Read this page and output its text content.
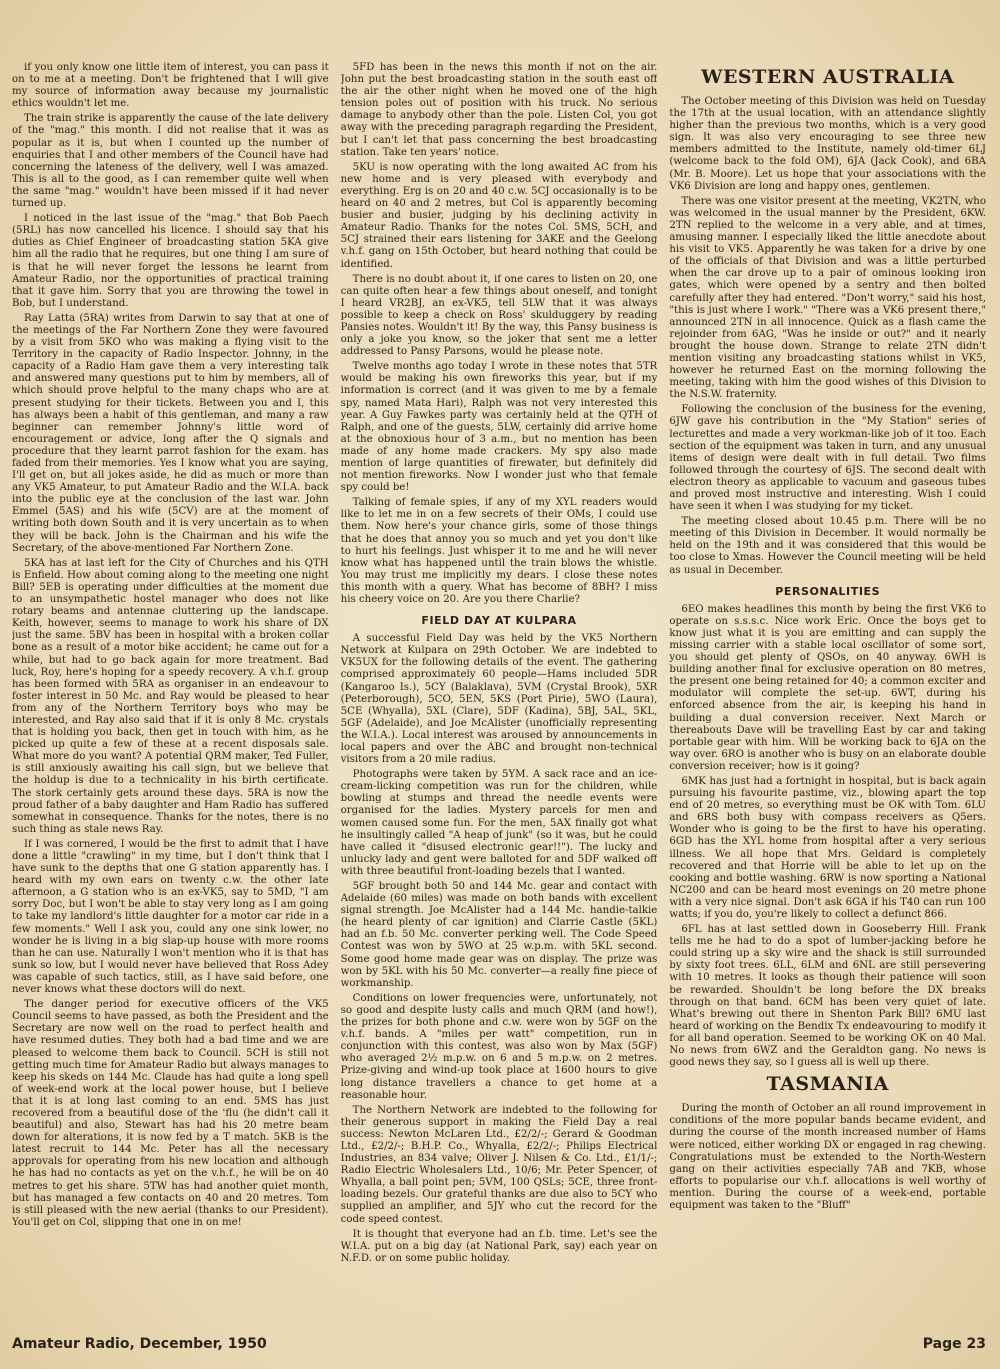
if you only know one little item of interest, you can pass it on to me at a meeting. Don't be frightened that I will give my source of information away because my journalistic ethics wouldn't let me.

The train strike is apparently the cause of the late delivery of the "mag." this month. I did not realise that it was as popular as it is, but when I counted up the number of enquiries that I and other members of the Council have had concerning the lateness of the delivery, well I was amazed. This is all to the good, as I can remember quite well when the same "mag." wouldn't have been missed if it had never turned up.

I noticed in the last issue of the "mag." that Bob Paech (5RL) has now cancelled his licence. I should say that his duties as Chief Engineer of broadcasting station 5KA give him all the radio that he requires, but one thing I am sure of is that he will never forget the lessons he learnt from Amateur Radio, nor the opportunities of practical training that it gave him. Sorry that you are throwing the towel in Bob, but I understand.

Ray Latta (5RA) writes from Darwin to say that at one of the meetings of the Far Northern Zone they were favoured by a visit from 5KO who was making a flying visit to the Territory in the capacity of Radio Inspector. Johnny, in the capacity of a Radio Ham gave them a very interesting talk and answered many questions put to him by members, all of which should prove helpful to the many chaps who are at present studying for their tickets. Between you and I, this has always been a habit of this gentleman, and many a raw beginner can remember Johnny's little word of encouragement or advice, long after the Q signals and procedure that they learnt parrot fashion for the exam. has faded from their memories. Yes I know what you are saying, I'll get on, but all jokes aside, he did as much or more than any VK5 Amateur, to put Amateur Radio and the W.I.A. back into the public eye at the conclusion of the last war. John Emmel (5AS) and his wife (5CV) are at the moment of writing both down South and it is very uncertain as to when they will be back. John is the Chairman and his wife the Secretary, of the above-mentioned Far Northern Zone.

5KA has at last left for the City of Churches and his QTH is Enfield. How about coming along to the meeting one night Bill? 5EB is operating under difficulties at the moment due to an unsympathetic hostel manager who does not like rotary beams and antennae cluttering up the landscape. Keith, however, seems to manage to work his share of DX just the same. 5BV has been in hospital with a broken collar bone as a result of a motor bike accident; he came out for a while, but had to go back again for more treatment. Bad luck, Roy, here's hoping for a speedy recovery. A v.h.f. group has been formed with 5RA as organiser in an endeavour to foster interest in 50 Mc. and Ray would be pleased to hear from any of the Northern Territory boys who may be interested, and Ray also said that if it is only 8 Mc. crystals that is holding you back, then get in touch with him, as he picked up quite a few of these at a recent disposals sale. What more do you want? A potential QRM maker, Ted Fuller, is still anxiously awaiting his call sign, but we believe that the holdup is due to a technicality in his birth certificate. The stork certainly gets around these days. 5RA is now the proud father of a baby daughter and Ham Radio has suffered somewhat in consequence. Thanks for the notes, there is no such thing as stale news Ray.

If I was cornered, I would be the first to admit that I have done a little "crawling" in my time, but I don't think that I have sunk to the depths that one G station apparently has. I heard with my own ears on twenty c.w. the other late afternoon, a G station who is an ex-VK5, say to 5MD, "I am sorry Doc, but I won't be able to stay very long as I am going to take my landlord's little daughter for a motor car ride in a few moments." Well I ask you, could any one sink lower, no wonder he is living in a big slap-up house with more rooms than he can use. Naturally I won't mention who it is that has sunk so low, but I would never have believed that Ross Adey was capable of such tactics, still, as I have said before, one never knows what these doctors will do next.

The danger period for executive officers of the VK5 Council seems to have passed, as both the President and the Secretary are now well on the road to perfect health and have resumed duties. They both had a bad time and we are pleased to welcome them back to Council. 5CH is still not getting much time for Amateur Radio but always manages to keep his skeds on 144 Mc. Claude has had quite a long spell of week-end work at the local power house, but I believe that it is at long last coming to an end. 5MS has just recovered from a beautiful dose of the 'flu (he didn't call it beautiful) and also, Stewart has had his 20 metre beam down for alterations, it is now fed by a T match. 5KB is the latest recruit to 144 Mc. Peter has all the necessary approvals for operating from his new location and although he has had no contacts as yet on the v.h.f., he will be on 40 metres to get his share. 5TW has had another quiet month, but has managed a few contacts on 40 and 20 metres. Tom is still pleased with the new aerial (thanks to our President). You'll get on Col, slipping that one in on me!

5FD has been in the news this month if not on the air. John put the best broadcasting station in the south east off the air the other night when he moved one of the high tension poles out of position with his truck. No serious damage to anybody other than the pole. Listen Col, you got away with the preceding paragraph regarding the President, but I can't let that pass concerning the best broadcasting station. Take ten years' notice.

5KU is now operating with the long awaited AC from his new home and is very pleased with everybody and everything. Erg is on 20 and 40 c.w. 5CJ occasionally is to be heard on 40 and 2 metres, but Col is apparently becoming busier and busier, judging by his declining activity in Amateur Radio. Thanks for the notes Col. 5MS, 5CH, and 5CJ strained their ears listening for 3AKE and the Geelong v.h.f. gang on 15th October, but heard nothing that could be identified.

There is no doubt about it, if one cares to listen on 20, one can quite often hear a few things about oneself, and tonight I heard VR2BJ, an ex-VK5, tell 5LW that it was always possible to keep a check on Ross' skulduggery by reading Pansies notes. Wouldn't it! By the way, this Pansy business is only a joke you know, so the joker that sent me a letter addressed to Pansy Parsons, would he please note.

Twelve months ago today I wrote in these notes that 5TR would be making his own fireworks this year, but if my information is correct (and it was given to me by a female spy, named Mata Hari), Ralph was not very interested this year. A Guy Fawkes party was certainly held at the QTH of Ralph, and one of the guests, 5LW, certainly did arrive home at the obnoxious hour of 3 a.m., but no mention has been made of any home made crackers. My spy also made mention of large quantities of firewater, but definitely did not mention fireworks. Now I wonder just who that female spy could be!

Talking of female spies, if any of my XYL readers would like to let me in on a few secrets of their OMs, I could use them. Now here's your chance girls, some of those things that he does that annoy you so much and yet you don't like to hurt his feelings. Just whisper it to me and he will never know what has happened until the train blows the whistle. You may trust me implicitly my dears. I close these notes this month with a query. What has become of 8BH? I miss his cheery voice on 20. Are you there Charlie?

FIELD DAY AT KULPARA

A successful Field Day was held by the VK5 Northern Network at Kulpara on 29th October. We are indebted to VK5UX for the following details of the event. The gathering comprised approximately 60 people—Hams included 5DR (Kangaroo Is.), 5CY (Balaklava), 5VM (Crystal Brook), 5XR (Peterborough), 5CO, 5EN, 5KS (Port Pirie), 5WO (Laura), 5CE (Whyalla), 5XL (Clare), 5DF (Kadina), 5BJ, 5AL, 5KL, 5GF (Adelaide), and Joe McAlister (unofficially representing the W.I.A.). Local interest was aroused by announcements in local papers and over the ABC and brought non-technical visitors from a 20 mile radius.

Photographs were taken by 5YM. A sack race and an ice-cream-licking competition was run for the children, while bowling at stumps and thread the needle events were organised for the ladies. Mystery parcels for men and women caused some fun. For the men, 5AX finally got what he insultingly called "A heap of junk" (so it was, but he could have called it "disused electronic gear!!"). The lucky and unlucky lady and gent were balloted for and 5DF walked off with three beautiful front-loading bezels that I wanted.

5GF brought both 50 and 144 Mc. gear and contact with Adelaide (60 miles) was made on both bands with excellent signal strength. Joe McAlister had a 144 Mc. handie-talkie (he heard plenty of car ignition) and Clarrie Castle (5KL) had an f.b. 50 Mc. converter perking well. The Code Speed Contest was won by 5WO at 25 w.p.m. with 5KL second. Some good home made gear was on display. The prize was won by 5KL with his 50 Mc. converter—a really fine piece of workmanship.

Conditions on lower frequencies were, unfortunately, not so good and despite lusty calls and much QRM (and how!), the prizes for both phone and c.w. were won by 5GF on the v.h.f. bands. A "miles per watt" competition, run in conjunction with this contest, was also won by Max (5GF) who averaged 2½ m.p.w. on 6 and 5 m.p.w. on 2 metres. Prize-giving and wind-up took place at 1600 hours to give long distance travellers a chance to get home at a reasonable hour.

The Northern Network are indebted to the following for their generous support in making the Field Day a real success: Newton McLaren Ltd., £2/2/-; Gerard & Goodman Ltd., £2/2/-; B.H.P. Co., Whyalla, £2/2/-; Philips Electrical Industries, an 834 valve; Oliver J. Nilsen & Co. Ltd., £1/1/-; Radio Electric Wholesalers Ltd., 10/6; Mr. Peter Spencer, of Whyalla, a ball point pen; 5VM, 100 QSLs; 5CE, three front-loading bezels. Our grateful thanks are due also to 5CY who supplied an amplifier, and 5JY who cut the record for the code speed contest.

It is thought that everyone had an f.b. time. Let's see the W.I.A. put on a big day (at National Park, say) each year on N.F.D. or on some public holiday.

WESTERN AUSTRALIA

The October meeting of this Division was held on Tuesday the 17th at the usual location, with an attendance slightly higher than the previous two months, which is a very good sign. It was also very encouraging to see three new members admitted to the Institute, namely old-timer 6LJ (welcome back to the fold OM), 6JA (Jack Cook), and 6BA (Mr. B. Moore). Let us hope that your associations with the VK6 Division are long and happy ones, gentlemen.

There was one visitor present at the meeting, VK2TN, who was welcomed in the usual manner by the President, 6KW. 2TN replied to the welcome in a very able, and at times, amusing manner. I especially liked the little anecdote about his visit to VK5. Apparently he was taken for a drive by one of the officials of that Division and was a little perturbed when the car drove up to a pair of ominous looking iron gates, which were opened by a sentry and then bolted carefully after they had entered. "Don't worry," said his host, "this is just where I work." "There was a VK6 present there," announced 2TN in all innocence. Quick as a flash came the rejoinder from 6AG, "Was he inside or out?" and it nearly brought the house down. Strange to relate 2TN didn't mention visiting any broadcasting stations whilst in VK5, however he returned East on the morning following the meeting, taking with him the good wishes of this Division to the N.S.W. fraternity.

Following the conclusion of the business for the evening, 6JW gave his contribution in the "My Station" series of lecturettes and made a very workman-like job of it too. Each section of the equipment was taken in turn, and any unusual items of design were dealt with in full detail. Two films followed through the courtesy of 6JS. The second dealt with electron theory as applicable to vacuum and gaseous tubes and proved most instructive and interesting. Wish I could have seen it when I was studying for my ticket.

The meeting closed about 10.45 p.m. There will be no meeting of this Division in December. It would normally be held on the 19th and it was considered that this would be too close to Xmas. However the Council meeting will be held as usual in December.

PERSONALITIES

6EO makes headlines this month by being the first VK6 to operate on s.s.s.c. Nice work Eric. Once the boys get to know just what it is you are emitting and can supply the missing carrier with a stable local oscillator of some sort, you should get plenty of QSOs, on 40 anyway. 6WH is building another final for exclusive operation on 80 metres, the present one being retained for 40; a common exciter and modulator will complete the set-up. 6WT, during his enforced absence from the air, is keeping his hand in building a dual conversion receiver. Next March or thereabouts Dave will be travelling East by car and taking portable gear with him. Will be working back to 6JA on the way over. 6RO is another who is busy on an elaborate double conversion receiver; how is it going?

6MK has just had a fortnight in hospital, but is back again pursuing his favourite pastime, viz., blowing apart the top end of 20 metres, so everything must be OK with Tom. 6LU and 6RS both busy with compass receivers as Q5ers. Wonder who is going to be the first to have his operating. 6GD has the XYL home from hospital after a very serious illness. We all hope that Mrs. Geldard is completely recovered and that Horrie will be able to let up on the cooking and bottle washing. 6RW is now sporting a National NC200 and can be heard most evenings on 20 metre phone with a very nice signal. Don't ask 6GA if his T40 can run 100 watts; if you do, you're likely to collect a defunct 866.

6FL has at last settled down in Gooseberry Hill. Frank tells me he had to do a spot of lumber-jacking before he could string up a sky wire and the shack is still surrounded by sixty foot trees. 6LL, 6LM and 6NL are still persevering with 10 metres. It looks as though their patience will soon be rewarded. Shouldn't be long before the DX breaks through on that band. 6CM has been very quiet of late. What's brewing out there in Shenton Park Bill? 6MU last heard of working on the Bendix Tx endeavouring to modify it for all band operation. Seemed to be working OK on 40 Mal. No news from 6WZ and the Geraldton gang. No news is good news they say, so I guess all is well up there.

TASMANIA

During the month of October an all round improvement in conditions of the more popular bands became evident, and during the course of the month increased number of Hams were noticed, either working DX or engaged in rag chewing. Congratulations must be extended to the North-Western gang on their activities especially 7AB and 7KB, whose efforts to popularise our v.h.f. allocations is well worthy of mention. During the course of a week-end, portable equipment was taken to the "Bluff"

Amateur Radio, December, 1950	Page 23
